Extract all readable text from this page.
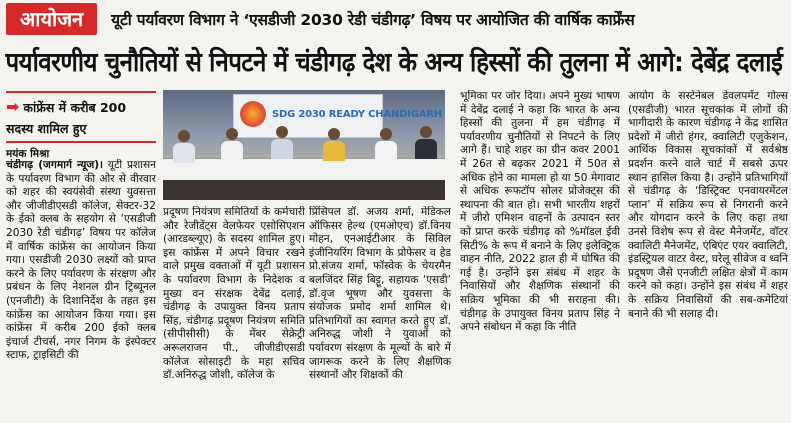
आयोजन	यूटी पर्यावरण विभाग ने ‘एसडीजी 2030 रेडी चंडीगढ़’ विषय पर आयोजित की वार्षिक कार्फ्रेंस
पर्यावरणीय चुनौतियों से निपटने में चंडीगढ़ देश के अन्य हिस्सों की तुलना में आगे: देबेंद्र दलाई
➡ कांफ्रेंस में करीब 200 सदस्य शामिल हुए
मयंक मिश्रा
SDG 2030 READY CHANDIGARH
चंडीगढ़ (जगमार्ग न्यूज)। यूटी प्रशासन के पर्यावरण विभाग की ओर से वीरवार को शहर की स्वयंसेवी संस्था युवसत्ता और जीजीडीएसडी कॉलेज, सेक्टर-32 के ईको क्लब के सहयोग से ‘एसडीजी 2030 रेडी चंडीगढ़’ विषय पर कॉलेज में वार्षिक कांफ्रेंस का आयोजन किया गया। एसडीजी 2030 लक्ष्यों को प्राप्त करने के लिए पर्यावरण के संरक्षण और प्रबंधन के लिए नेशनल ग्रीन ट्रिब्यूनल (एनजीटी) के दिशानिर्देश के तहत इस कांफ्रेंस का आयोजन किया गया। इस कांफ्रेंस में करीब 200 ईको क्लब इंचार्ज टीचर्स, नगर निगम के इंस्पेक्टर स्टाफ, ट्राइसिटी की
प्रदूषण नियंत्रण समितियों के कर्मचारी और रेजीडेंट्स वेलफेयर एसोसिएशन (आरडब्ल्यूए) के सदस्य शामिल हुए। इस कांफ्रेंस में अपने विचार रखने वाले प्रमुख वक्ताओं में यूटी प्रशासन के पर्यावरण विभाग के निदेशक व मुख्य वन संरक्षक देबेंद्र दलाई, चंडीगढ़ के उपायुक्त विनय प्रताप सिंह, चंडीगढ़ प्रदूषण नियंत्रण समिति (सीपीसीसी) के मेंबर सेक्रेट्री अरूलराजन पी., जीजीडीएसडी कॉलेज सोसाइटी के महा सचिव डॉ.अनिरुद्ध जोशी, कॉलेज के
प्रिंसिपल डॉ. अजय शर्मा, मेडिकल ऑफिसर हेल्थ (एमओएच) डॉ.विनय मोहन, एनआईटीआर के सिविल इंजीनियरिंग विभाग के प्रोफेसर व हेड प्रो.संजय शर्मा, फॉस्वेक के चेयरमैन बलजिंदर सिंह बिट्टू, सहायक ‘एसडी’ डॉ.वृज भूषण और युवसत्ता के संयोजक प्रमोद शर्मा शामिल थे। प्रतिभागियों का स्वागत करते हुए डॉ. अनिरुद्ध जोशी ने युवाओं को पर्यावरण संरक्षण के मूल्यों के बारे में जागरूक करने के लिए शैक्षणिक संस्थानों और शिक्षकों की
भूमिका पर जोर दिया। अपने मुख्य भाषण में देबेंद्र दलाई ने कहा कि भारत के अन्य हिस्सों की तुलना में हम चंडीगढ़ में पर्यावरणीय चुनौतियों से निपटने के लिए आगे हैं। चाहे शहर का ग्रीन कवर 2001 में 26त से बढ़कर 2021 में 50त से अधिक होने का मामला हो या 50 मेगावाट से अधिक रूफटॉप सोलर प्रोजेक्ट्स की स्थापना की बात हो। सभी भारतीय शहरों में जीरो एमिशन वाहनों के उत्पादन स्तर को प्राप्त करके चंडीगढ़ को %मॉडल ईवी सिटी% के रूप में बनाने के लिए इलेक्ट्रिक वाहन नीति, 2022 हाल ही में घोषित की गई है। उन्होंने इस संबंध में शहर के निवासियों और शैक्षणिक संस्थानों की सक्रिय भूमिका की भी सराहना की। चंडीगढ़ के उपायुक्त विनय प्रताप सिंह ने अपने संबोधन में कहा कि नीति
आयोग के सस्टेनेबल डेवलपमेंट गोल्स (एसडीजी) भारत सूचकांक में लोगों की भागीदारी के कारण चंडीगढ़ ने केंद्र शासित प्रदेशों में जीरो हंगर, क्वालिटी एजुकेशन, आर्थिक विकास सूचकांकों में सर्वश्रेष्ठ प्रदर्शन करने वाले चार्ट में सबसे ऊपर स्थान हासिल किया है। उन्होंने प्रतिभागियों से चंडीगढ़ के ‘डिस्ट्रिक्ट एनवायरमेंटल प्लान’ में सक्रिय रूप से निगरानी करने और योगदान करने के लिए कहा तथा उनसे विशेष रूप से वेस्ट मैनेजमेंट, वॉटर क्वालिटी मैनेजमेंट, एंबिएंट एयर क्वालिटी, इंडस्ट्रियल वाटर वेस्ट, घरेलू सीवेज व ध्वनि प्रदूषण जैसे एनजीटी लक्षित क्षेत्रों में काम करने को कहा। उन्होंने इस संबंध में शहर के सक्रिय निवासियों की सब-कमेटियां बनाने की भी सलाह दी।
